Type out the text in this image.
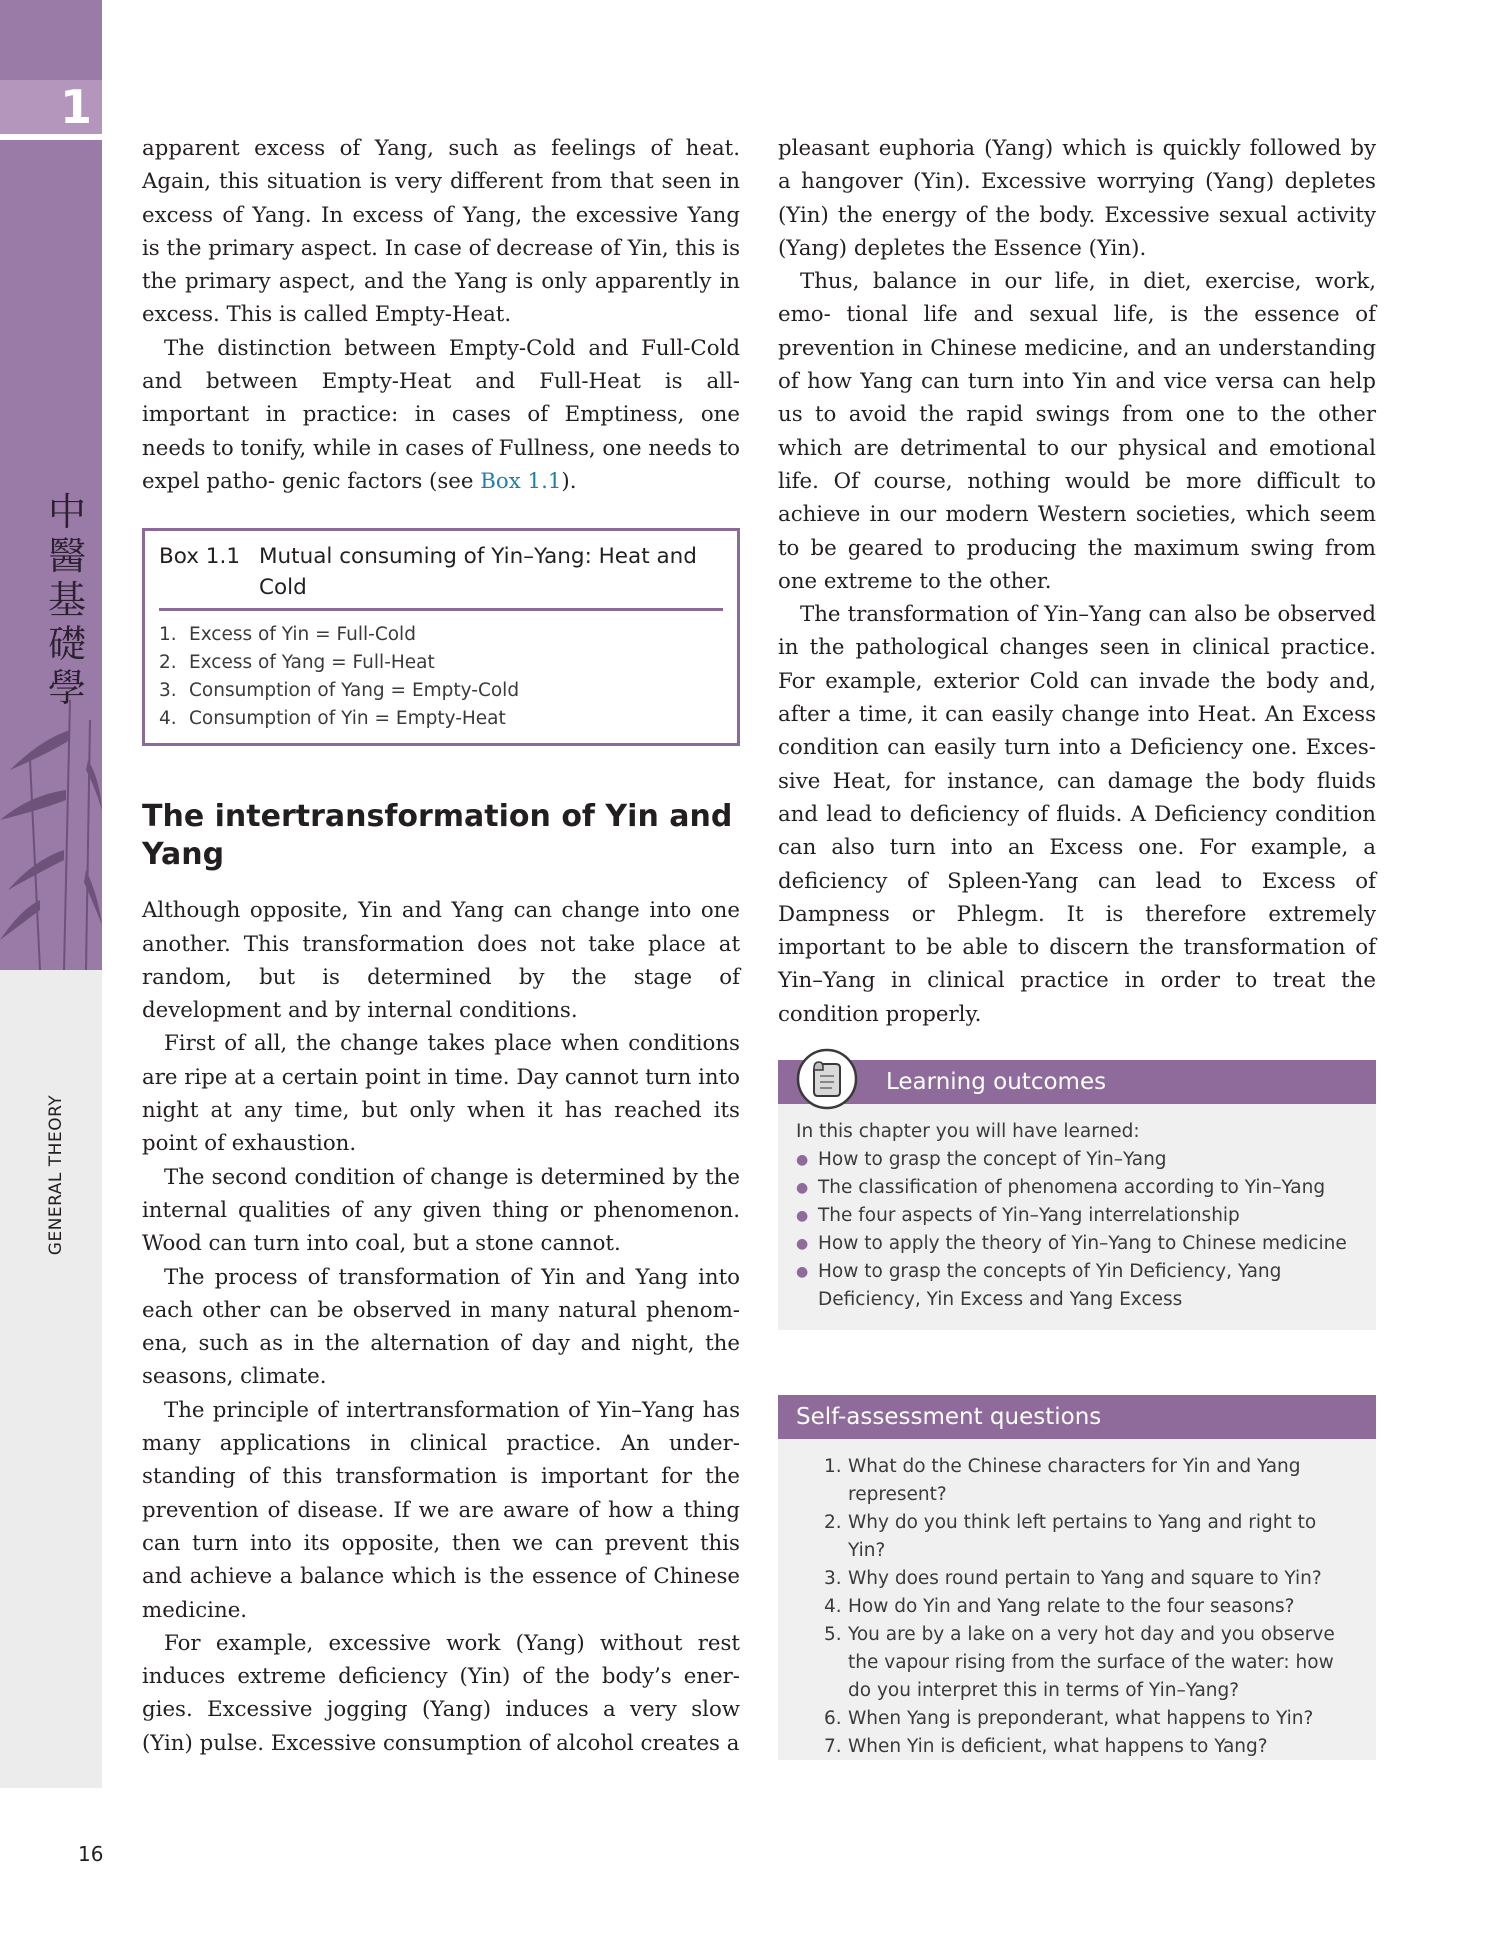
1
中
醫
基
礎
學
GENERAL THEORY
16

apparent excess of Yang, such as feelings of heat. Again, this situation is very different from that seen in excess of Yang. In excess of Yang, the excessive Yang is the primary aspect. In case of decrease of Yin, this is the primary aspect, and the Yang is only apparently in excess. This is called Empty-Heat.

The distinction between Empty-Cold and Full-Cold and between Empty-Heat and Full-Heat is all-important in practice: in cases of Emptiness, one needs to tonify, while in cases of Fullness, one needs to expel patho- genic factors (see Box 1.1).

Box 1.1 Mutual consuming of Yin–Yang: Heat and Cold
1. Excess of Yin = Full-Cold
2. Excess of Yang = Full-Heat
3. Consumption of Yang = Empty-Cold
4. Consumption of Yin = Empty-Heat
The intertransformation of Yin and Yang

Although opposite, Yin and Yang can change into one another. This transformation does not take place at random, but is determined by the stage of development and by internal conditions.

First of all, the change takes place when conditions are ripe at a certain point in time. Day cannot turn into night at any time, but only when it has reached its point of exhaustion.

The second condition of change is determined by the internal qualities of any given thing or phenomenon. Wood can turn into coal, but a stone cannot.

The process of transformation of Yin and Yang into each other can be observed in many natural phenom- ena, such as in the alternation of day and night, the seasons, climate.

The principle of intertransformation of Yin–Yang has many applications in clinical practice. An under- standing of this transformation is important for the prevention of disease. If we are aware of how a thing can turn into its opposite, then we can prevent this and achieve a balance which is the essence of Chinese medicine.

For example, excessive work (Yang) without rest induces extreme deficiency (Yin) of the body’s ener- gies. Excessive jogging (Yang) induces a very slow (Yin) pulse. Excessive consumption of alcohol creates a

pleasant euphoria (Yang) which is quickly followed by a hangover (Yin). Excessive worrying (Yang) depletes (Yin) the energy of the body. Excessive sexual activity (Yang) depletes the Essence (Yin).

Thus, balance in our life, in diet, exercise, work, emo- tional life and sexual life, is the essence of prevention in Chinese medicine, and an understanding of how Yang can turn into Yin and vice versa can help us to avoid the rapid swings from one to the other which are detrimental to our physical and emotional life. Of course, nothing would be more difficult to achieve in our modern Western societies, which seem to be geared to producing the maximum swing from one extreme to the other.

The transformation of Yin–Yang can also be observed in the pathological changes seen in clinical practice. For example, exterior Cold can invade the body and, after a time, it can easily change into Heat. An Excess condition can easily turn into a Deficiency one. Exces- sive Heat, for instance, can damage the body fluids and lead to deficiency of fluids. A Deficiency condition can also turn into an Excess one. For example, a deficiency of Spleen-Yang can lead to Excess of Dampness or Phlegm. It is therefore extremely important to be able to discern the transformation of Yin–Yang in clinical practice in order to treat the condition properly.

Learning outcomes
In this chapter you will have learned:
● How to grasp the concept of Yin–Yang
● The classification of phenomena according to Yin–Yang
● The four aspects of Yin–Yang interrelationship
● How to apply the theory of Yin–Yang to Chinese medicine
● How to grasp the concepts of Yin Deficiency, Yang Deficiency, Yin Excess and Yang Excess
Self-assessment questions
1. What do the Chinese characters for Yin and Yang represent?
2. Why do you think left pertains to Yang and right to Yin?
3. Why does round pertain to Yang and square to Yin?
4. How do Yin and Yang relate to the four seasons?
5. You are by a lake on a very hot day and you observe the vapour rising from the surface of the water: how do you interpret this in terms of Yin–Yang?
6. When Yang is preponderant, what happens to Yin?
7. When Yin is deficient, what happens to Yang?
